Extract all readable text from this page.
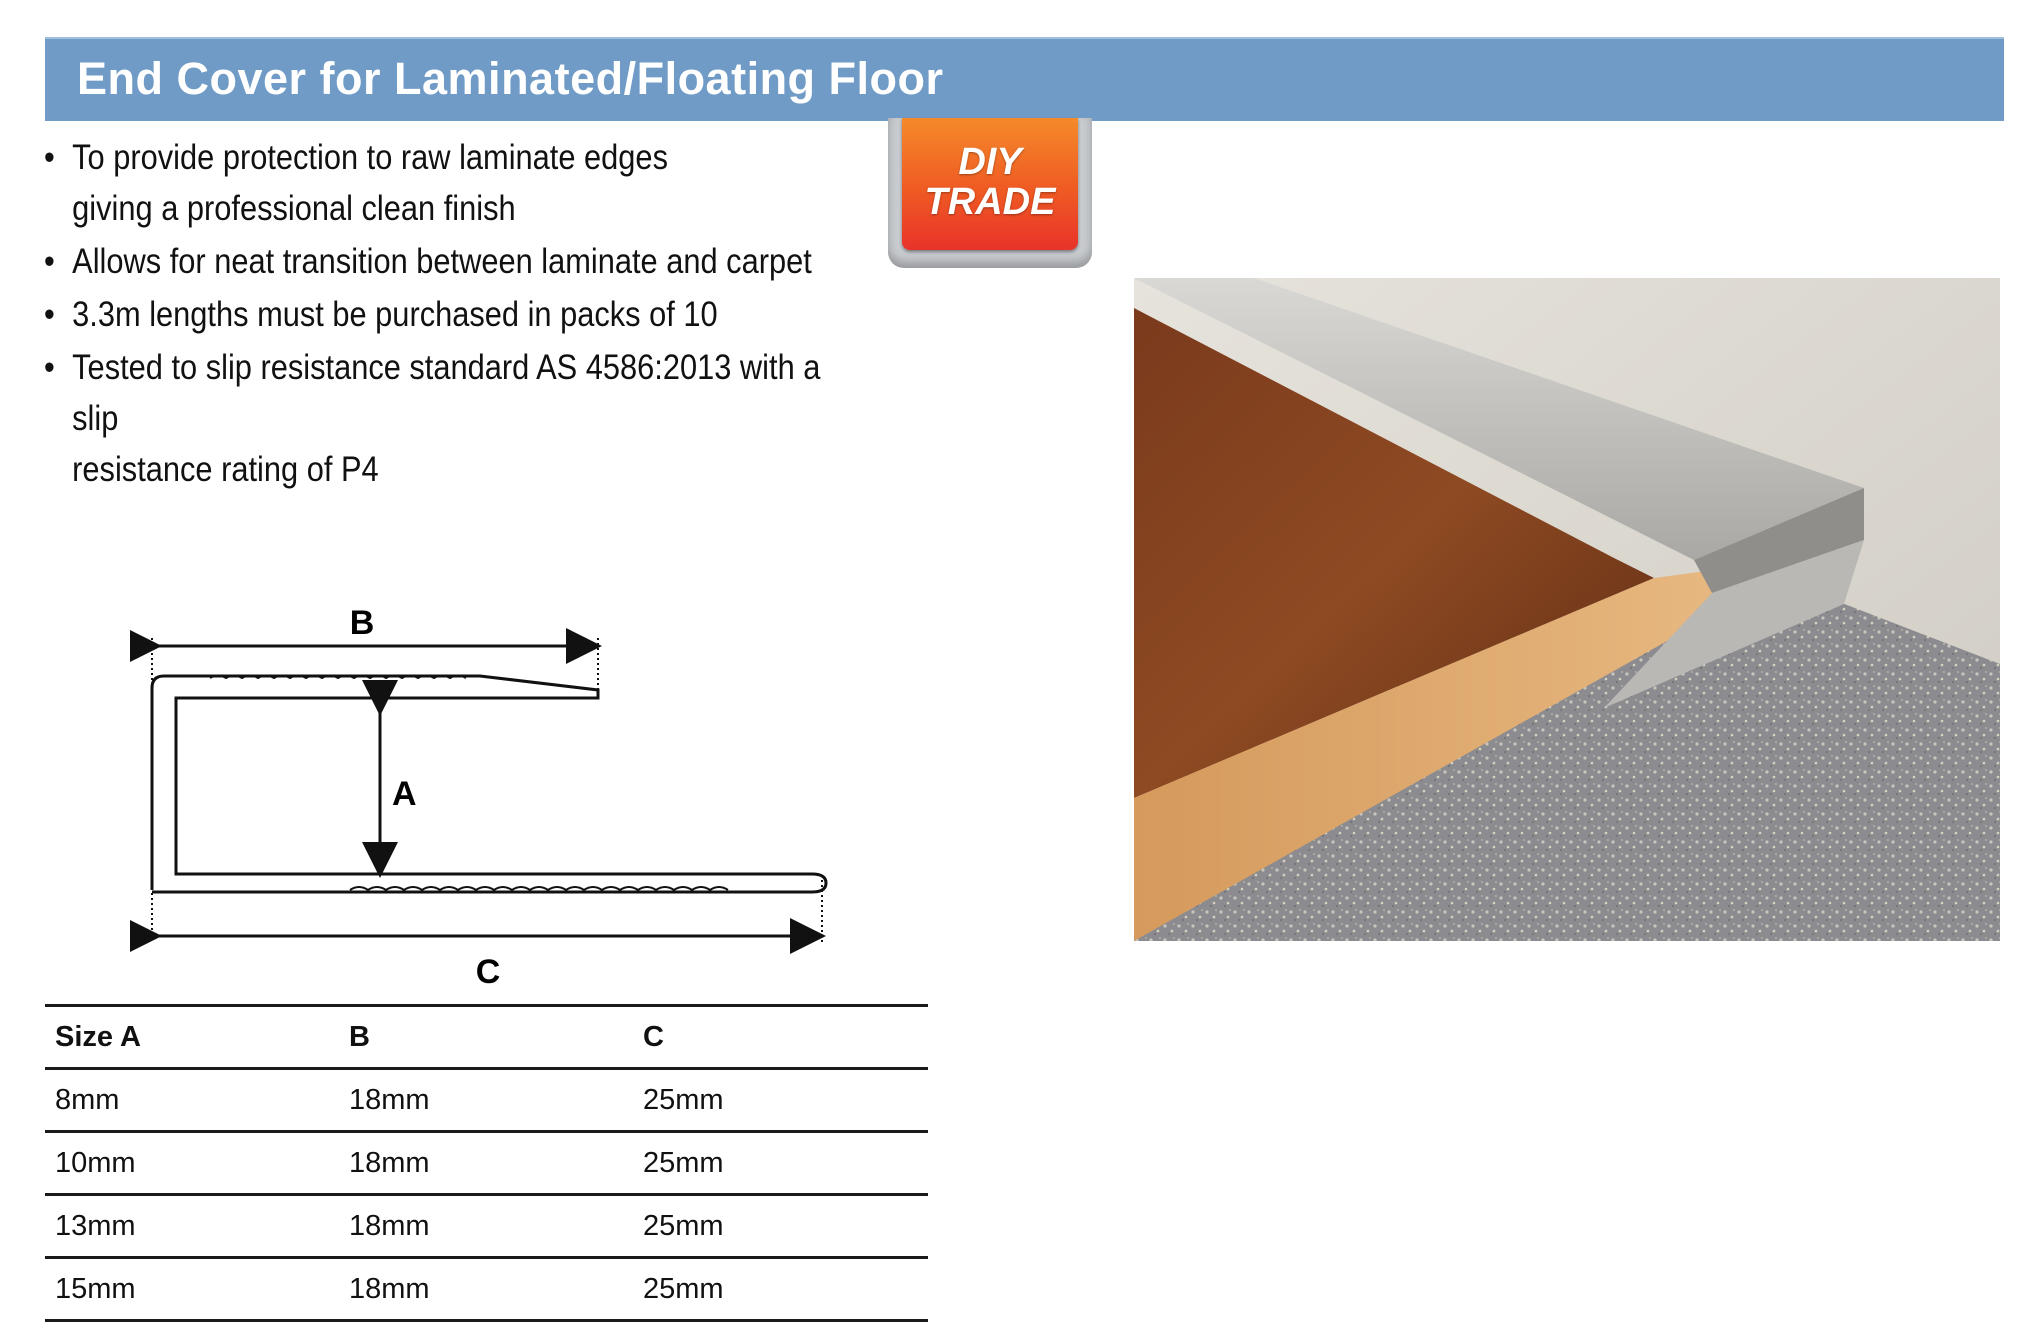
End Cover for Laminated/Floating Floor
DIY
TRADE
• To provide protection to raw laminate edges
giving a professional clean finish
• Allows for neat transition between laminate and carpet
• 3.3m lengths must be purchased in packs of 10
• Tested to slip resistance standard AS 4586:2013 with a slip
resistance rating of P4
B
C
A
Size A	B	C
8mm	18mm	25mm
10mm	18mm	25mm
13mm	18mm	25mm
15mm	18mm	25mm
